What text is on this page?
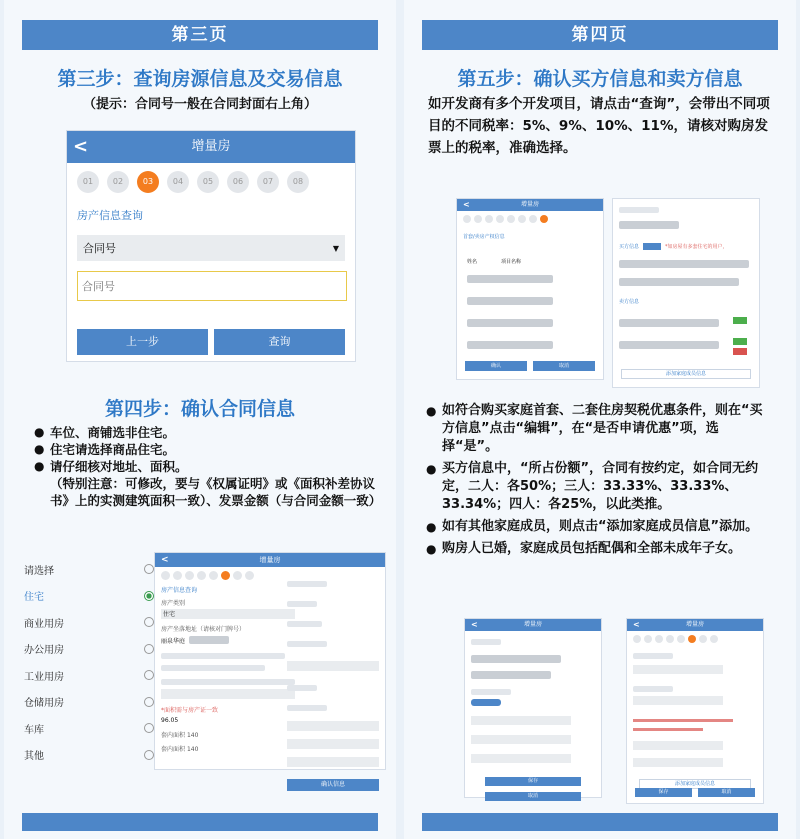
第三页
第三步：查询房源信息及交易信息
（提示：合同号一般在合同封面右上角）
<	增量房
01	02	03	04	05	06	07	08
房产信息查询
合同号	▼
合同号
上一步	查询
第四步：确认合同信息
● 车位、商铺选非住宅。
● 住宅请选择商品住宅。
● 请仔细核对地址、面积。
（特别注意：可修改，要与《权属证明》或《面积补差协议书》上的实测建筑面积一致）、发票金额（与合同金额一致）
请选择
住宅
商业用房
办公用房
工业用房
仓储用房
车库
其他
<	增量房
房产信息查询
房产类别
住宅
房产坐落地址（请核对门牌号）
丽泉华庭
*面积需与房产证一致
96.05
套内面积 140
套内面积 140
确认信息
第四页
第五步：确认买方信息和卖方信息
如开发商有多个开发项目，请点击“查询”，会带出不同项目的不同税率：5%、9%、10%、11%，请核对购房发票上的税率，准确选择。
<	增量房
首套/卖房产权信息
姓名	项目名称
确认	取消
买方信息	*如房屋有多套住宅的用户，
卖方信息
添加家庭成员信息
● 如符合购买家庭首套、二套住房契税优惠条件，则在“买方信息”点击“编辑”，在“是否申请优惠”项，选择“是”。
● 买方信息中，“所占份额”，合同有按约定，如合同无约定，二人：各50%；三人：33.33%、33.33%、33.34%；四人：各25%，以此类推。
● 如有其他家庭成员，则点击“添加家庭成员信息”添加。
● 购房人已婚，家庭成员包括配偶和全部未成年子女。
<	增量房
保存
取消
<	增量房
添加家庭成员信息
保存	取消
